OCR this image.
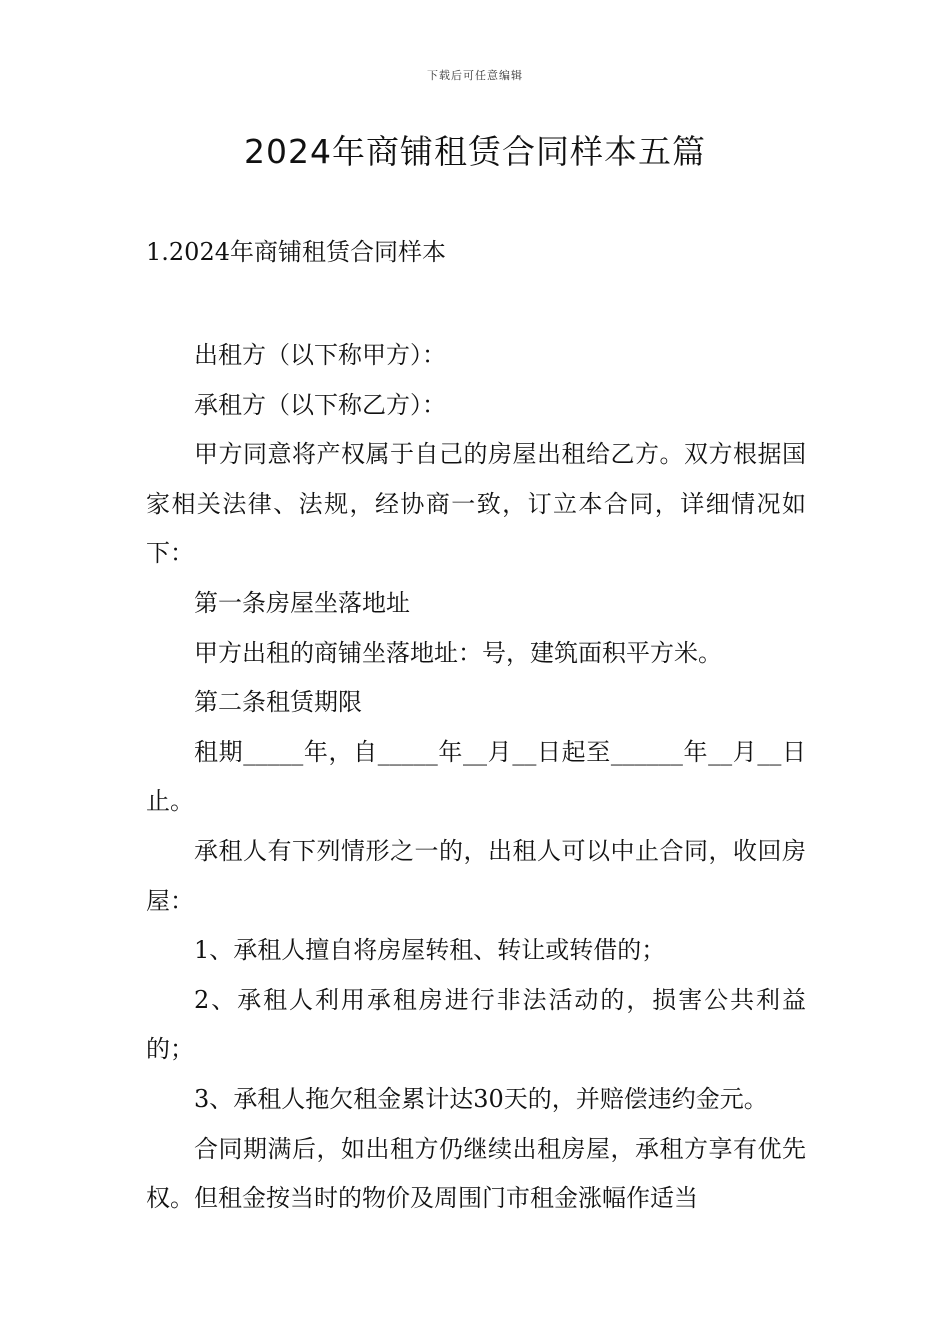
下载后可任意编辑
2024年商铺租赁合同样本五篇
1.2024年商铺租赁合同样本

出租方（以下称甲方）：

承租方（以下称乙方）：

甲方同意将产权属于自己的房屋出租给乙方。双方根据国家相关法律、法规，经协商一致，订立本合同，详细情况如下：

第一条房屋坐落地址

甲方出租的商铺坐落地址：号，建筑面积平方米。

第二条租赁期限

租期_____年，自_____年__月__日起至______年__月__日止。

承租人有下列情形之一的，出租人可以中止合同，收回房屋：

1、承租人擅自将房屋转租、转让或转借的；

2、承租人利用承租房进行非法活动的，损害公共利益的；

3、承租人拖欠租金累计达30天的，并赔偿违约金元。

合同期满后，如出租方仍继续出租房屋，承租方享有优先权。但租金按当时的物价及周围门市租金涨幅作适当
